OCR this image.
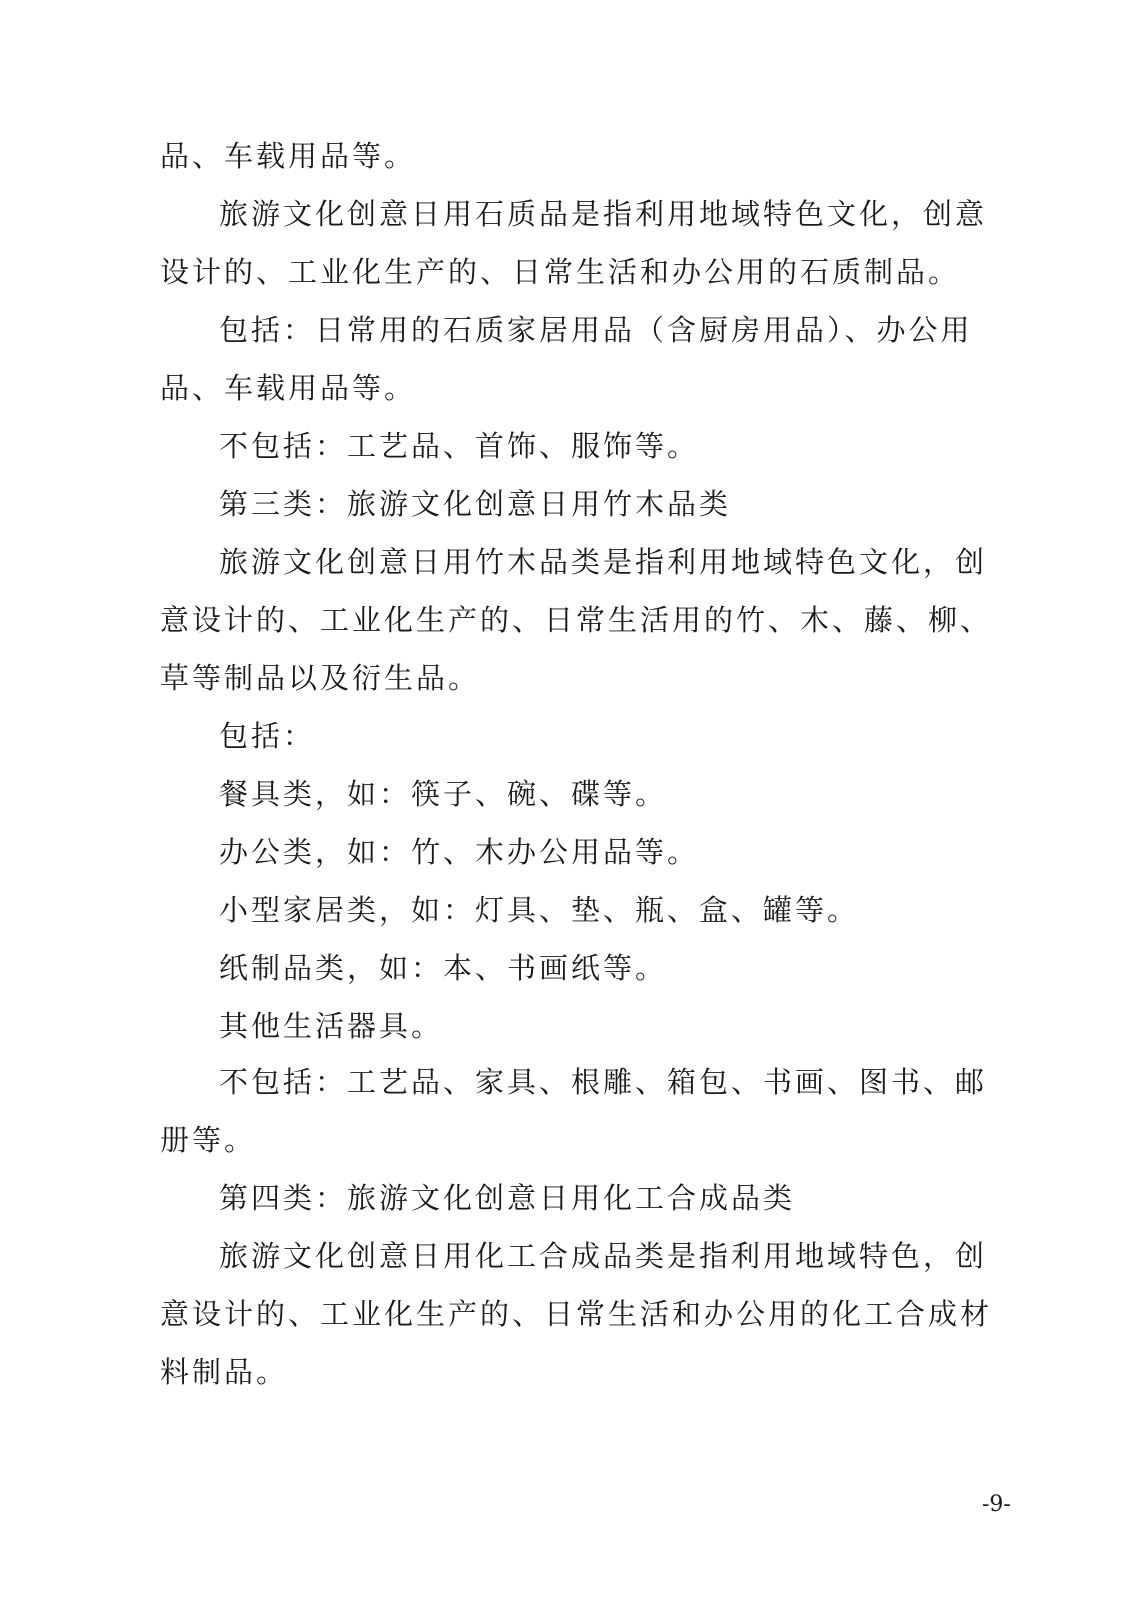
品、车载用品等。
旅游文化创意日用石质品是指利用地域特色文化，创意
设计的、工业化生产的、日常生活和办公用的石质制品。
包括：日常用的石质家居用品（含厨房用品）、办公用
品、车载用品等。
不包括：工艺品、首饰、服饰等。
第三类：旅游文化创意日用竹木品类
旅游文化创意日用竹木品类是指利用地域特色文化，创
意设计的、工业化生产的、日常生活用的竹、木、藤、柳、
草等制品以及衍生品。
包括：
餐具类，如：筷子、碗、碟等。
办公类，如：竹、木办公用品等。
小型家居类，如：灯具、垫、瓶、盒、罐等。
纸制品类，如：本、书画纸等。
其他生活器具。
不包括：工艺品、家具、根雕、箱包、书画、图书、邮
册等。
第四类：旅游文化创意日用化工合成品类
旅游文化创意日用化工合成品类是指利用地域特色，创
意设计的、工业化生产的、日常生活和办公用的化工合成材
料制品。
-9-
